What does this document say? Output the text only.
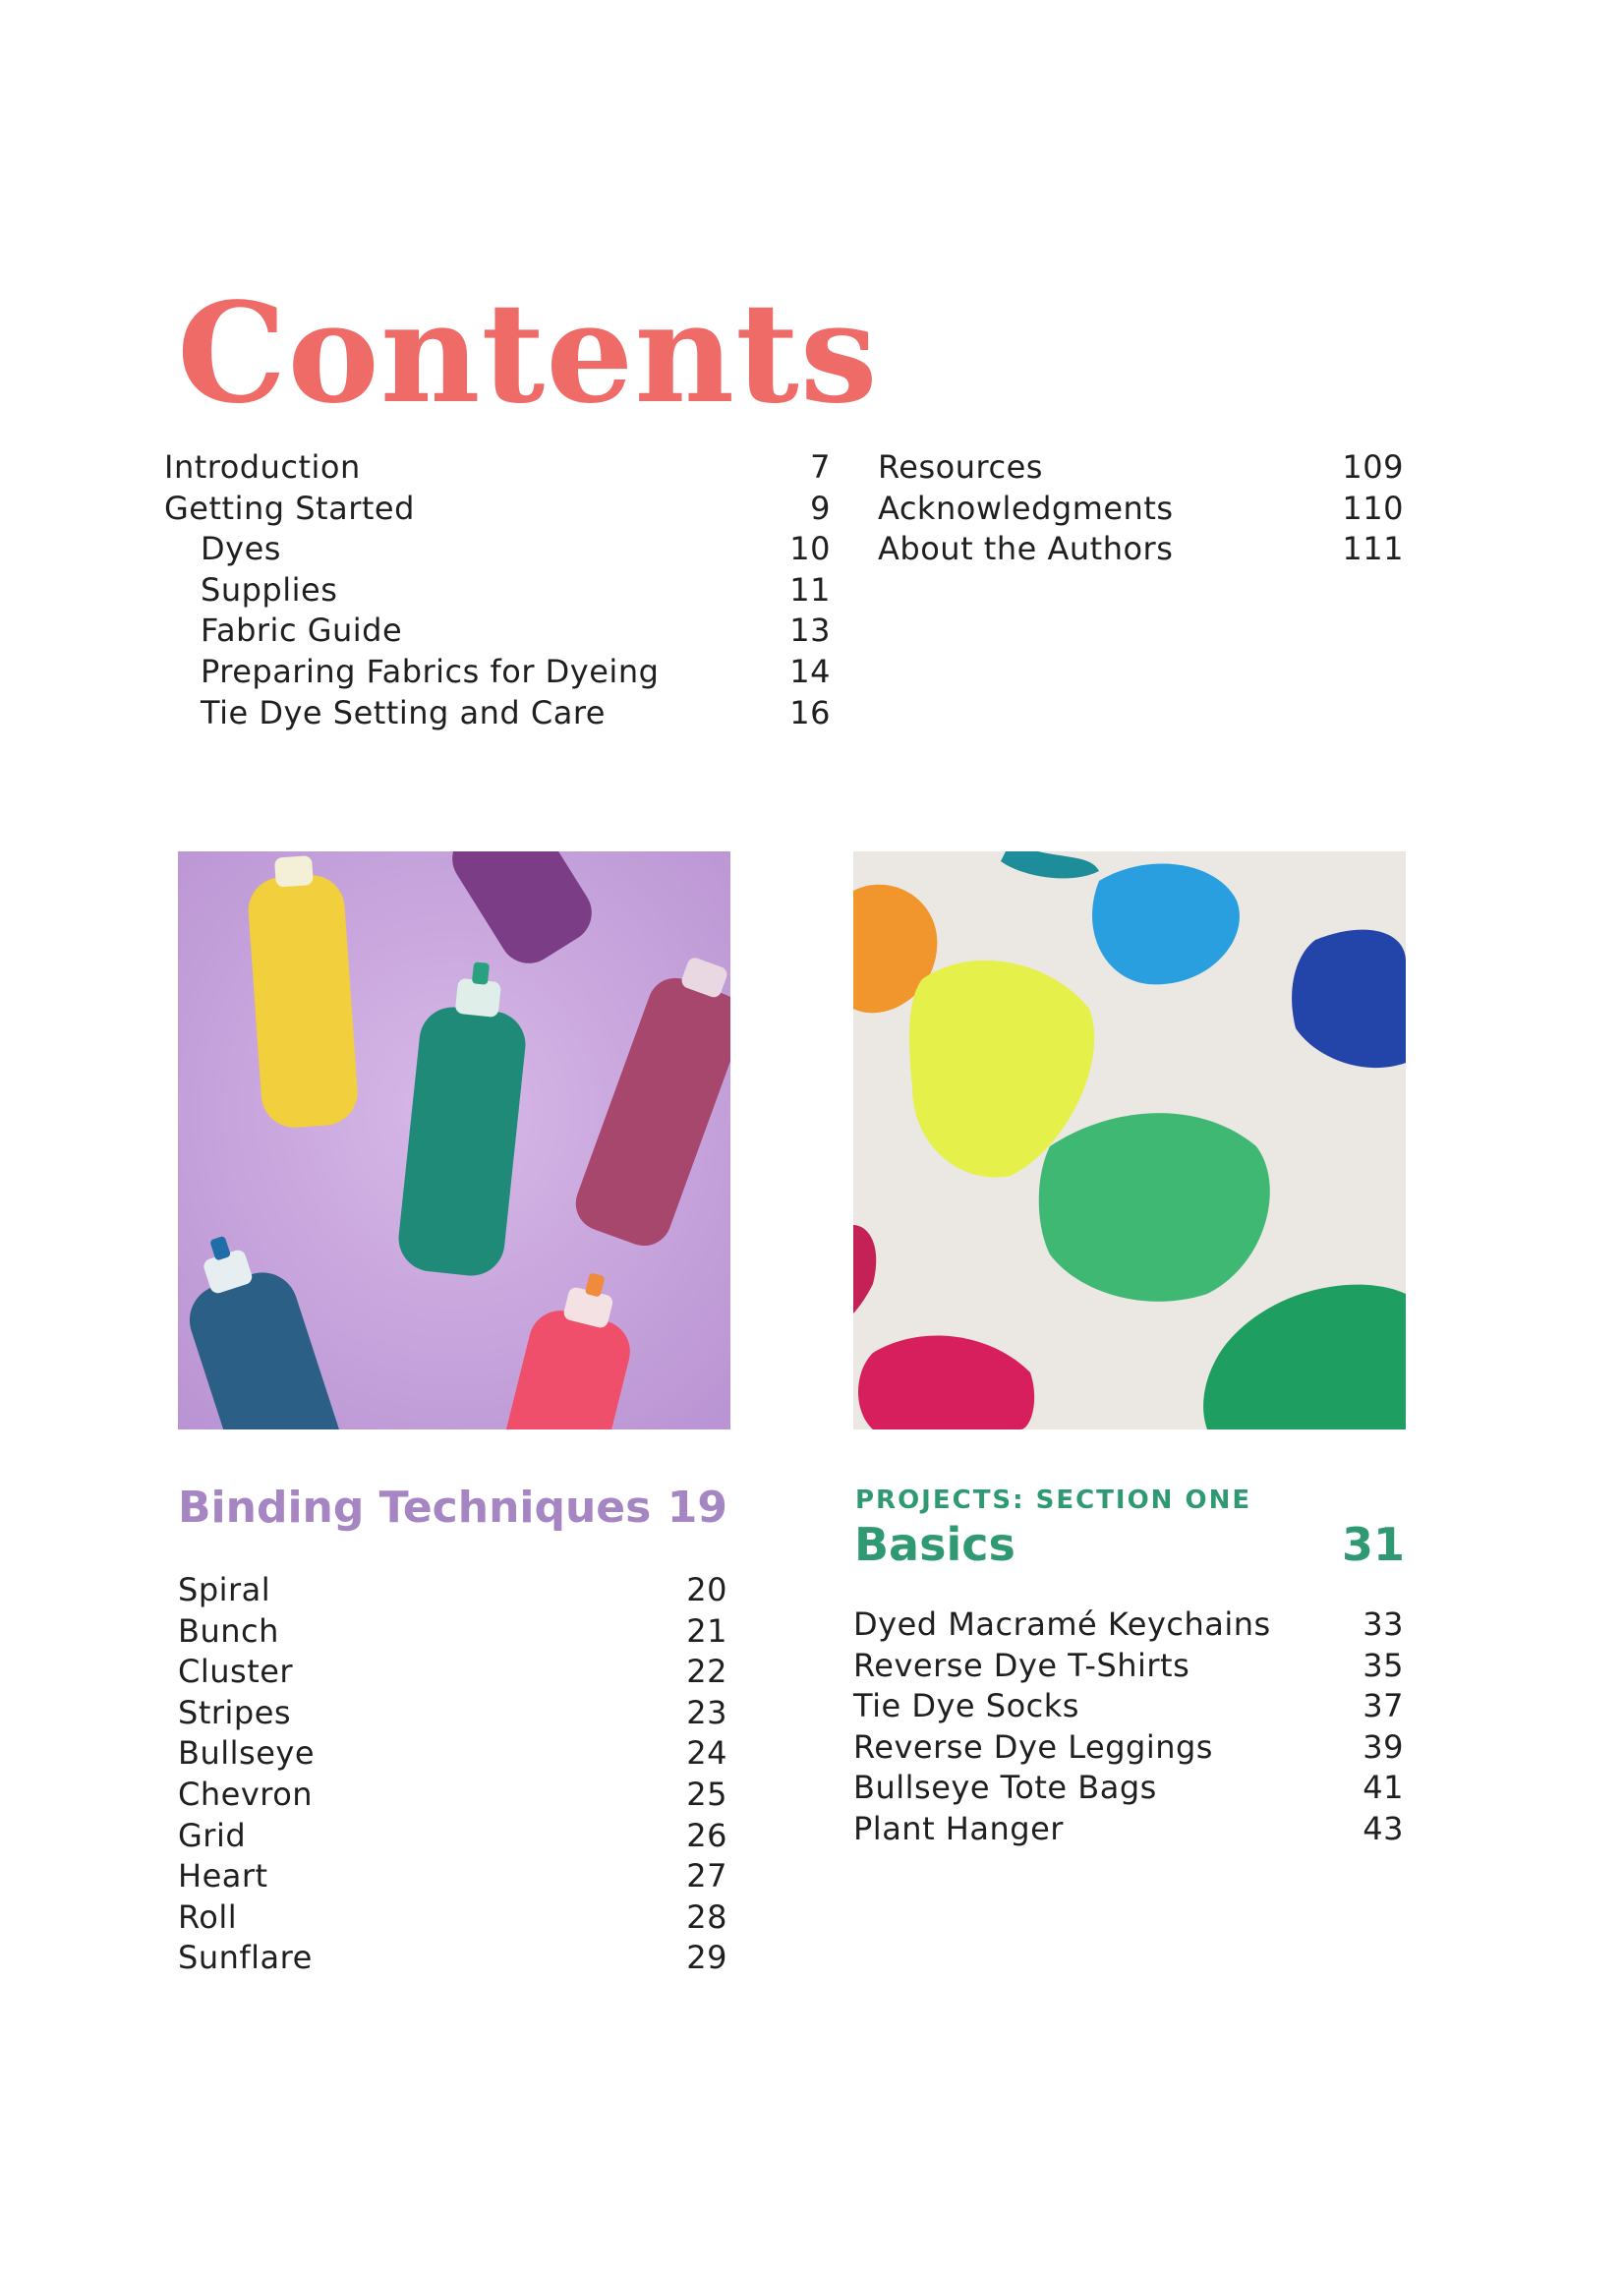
Contents
Introduction	7
Getting Started	9
Dyes	10
Supplies	11
Fabric Guide	13
Preparing Fabrics for Dyeing	14
Tie Dye Setting and Care	16
Resources	109
Acknowledgments	110
About the Authors	111
Binding Techniques 19
Spiral	20
Bunch	21
Cluster	22
Stripes	23
Bullseye	24
Chevron	25
Grid	26
Heart	27
Roll	28
Sunflare	29
PROJECTS: SECTION ONE
Basics	31
Dyed Macramé Keychains	33
Reverse Dye T-Shirts	35
Tie Dye Socks	37
Reverse Dye Leggings	39
Bullseye Tote Bags	41
Plant Hanger	43
